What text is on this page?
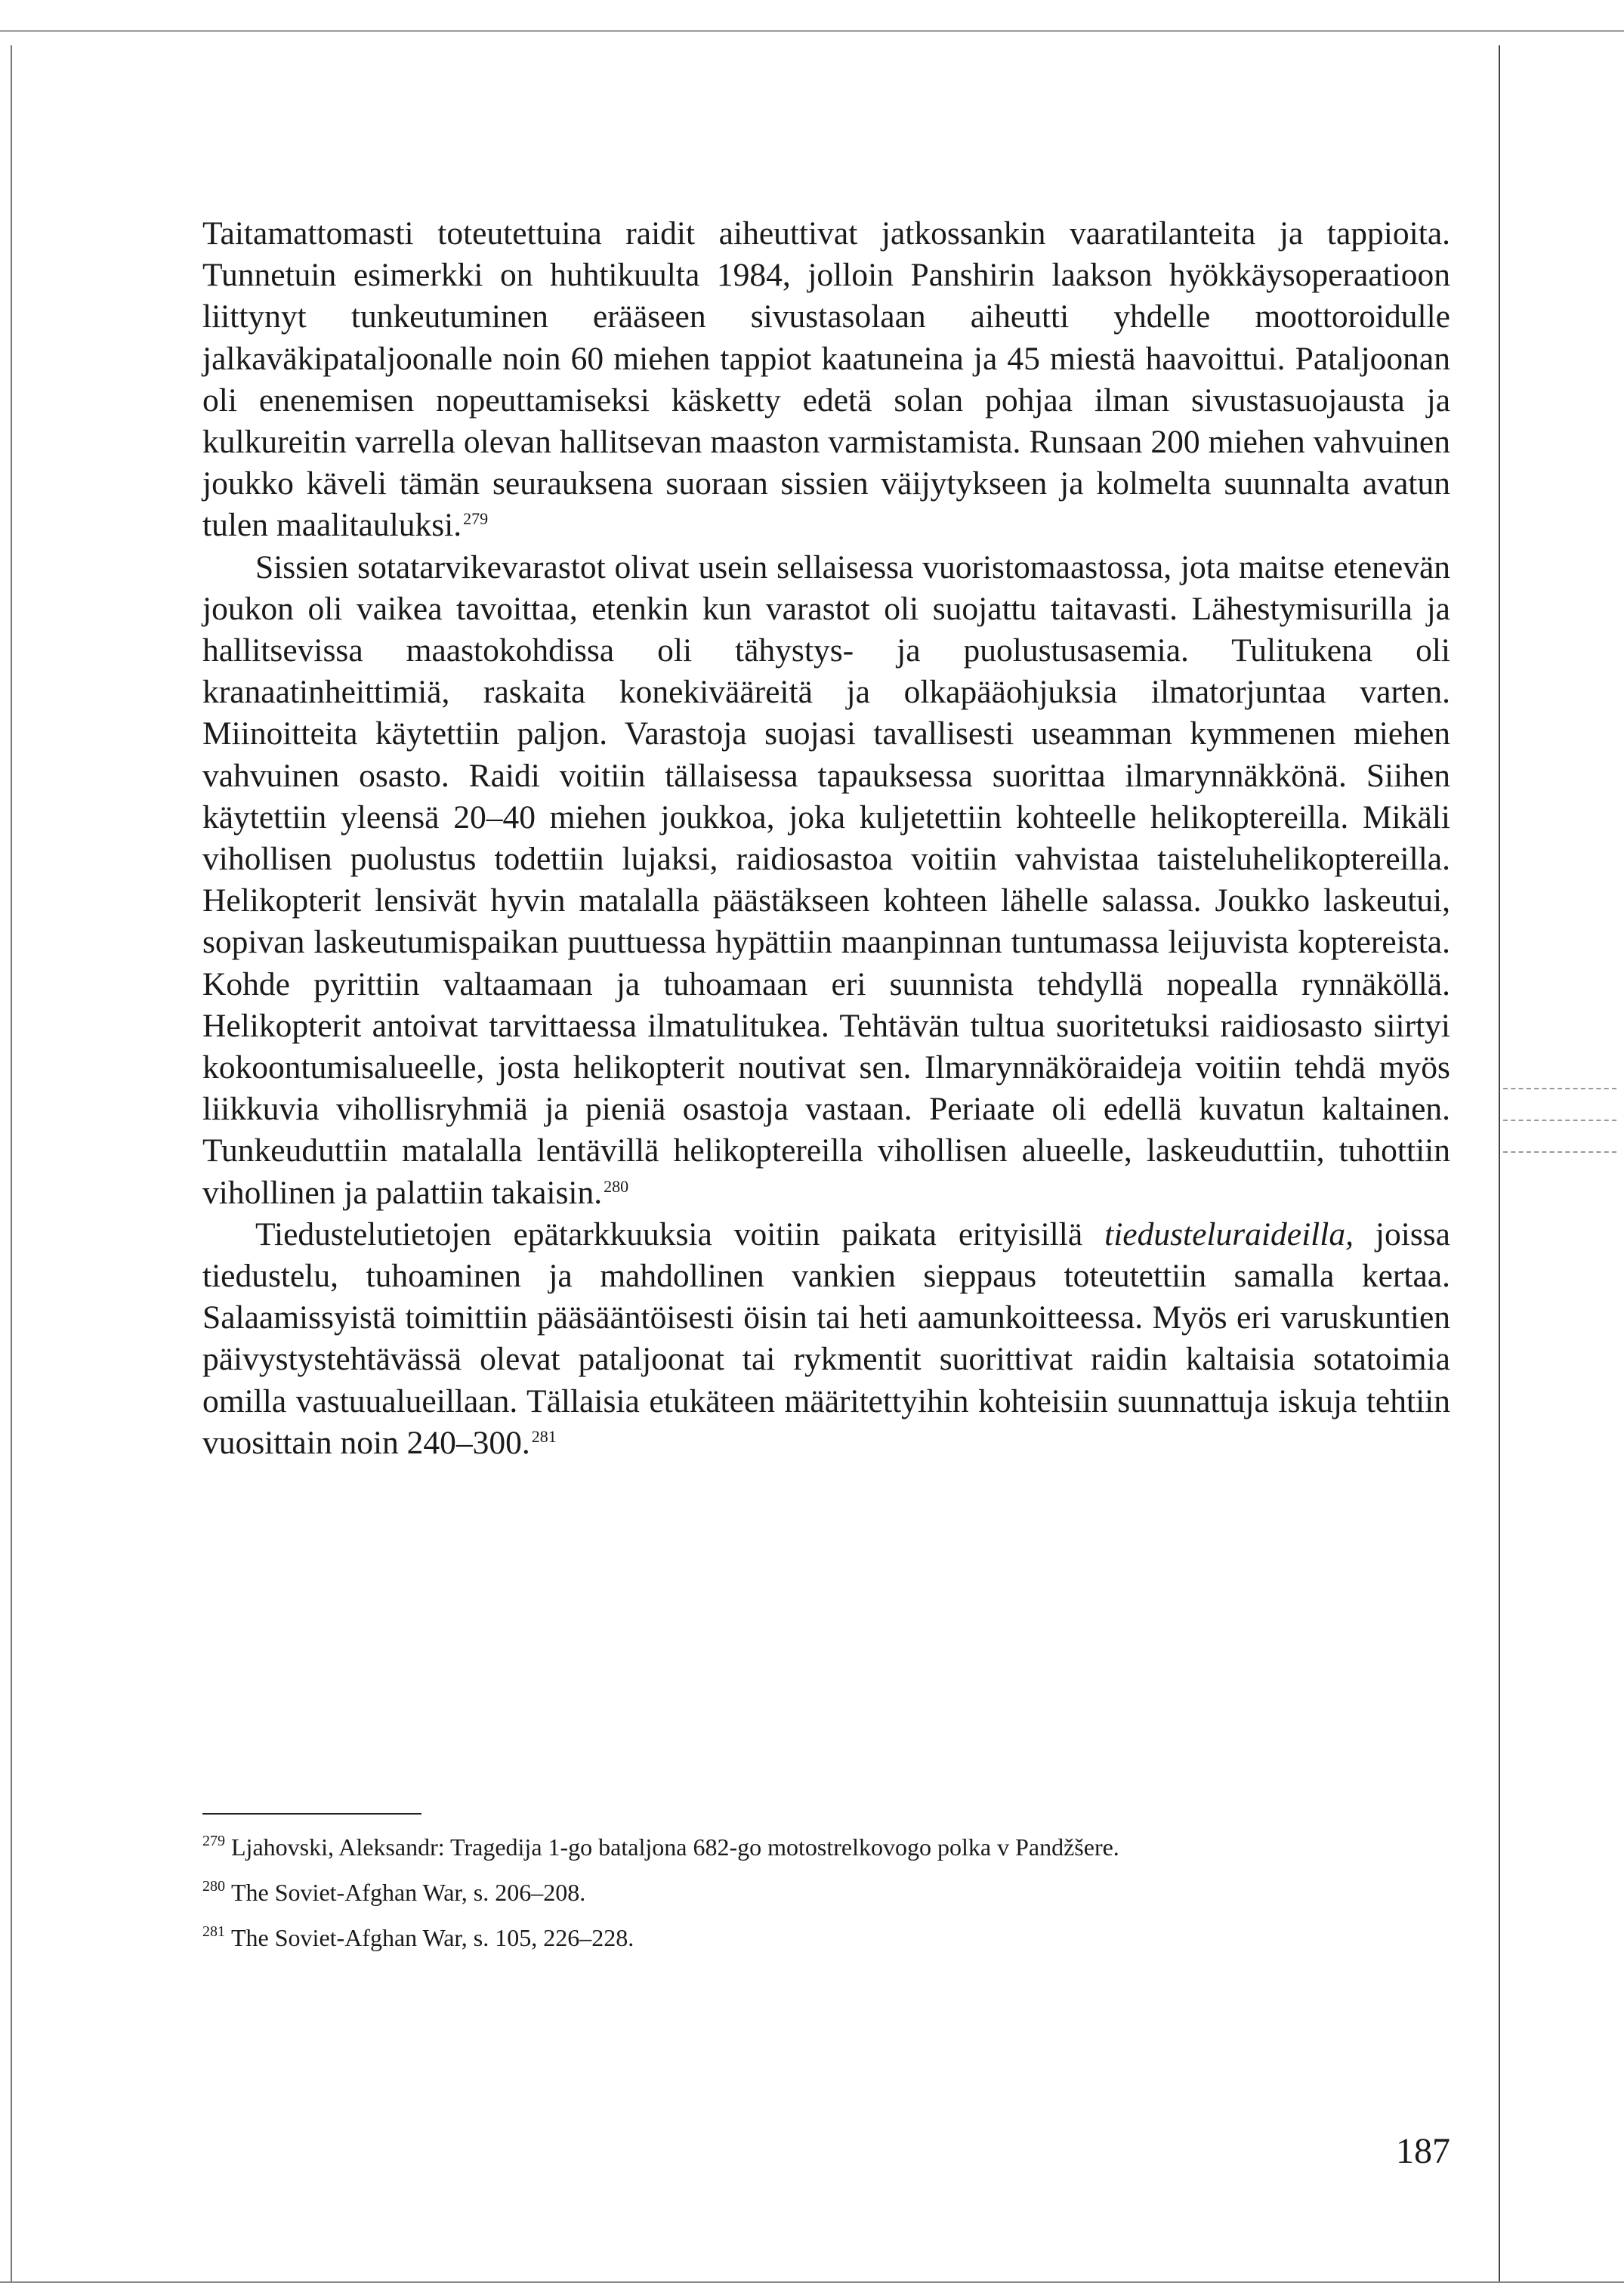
Taitamattomasti toteutettuina raidit aiheuttivat jatkossankin vaaratilanteita ja tappioita. Tunnetuin esimerkki on huhtikuulta 1984, jolloin Panshirin laakson hyökkäysoperaatioon liittynyt tunkeutuminen erääseen sivustasolaan aiheutti yhdelle moottoroidulle jalkaväkipataljoonalle noin 60 miehen tappiot kaatuneina ja 45 miestä haavoittui. Pataljoonan oli enenemisen nopeuttamiseksi käsketty edetä solan pohjaa ilman sivustasuojausta ja kulkureitin varrella olevan hallitsevan maaston varmistamista. Runsaan 200 miehen vahvuinen joukko käveli tämän seurauksena suoraan sissien väijytykseen ja kolmelta suunnalta avatun tulen maalitauluksi.$^{279}$

Sissien sotatarvikevarastot olivat usein sellaisessa vuoristomaastossa, jota maitse etenevän joukon oli vaikea tavoittaa, etenkin kun varastot oli suojattu taitavasti. Lähestymisurilla ja hallitsevissa maastokohdissa oli tähystys- ja puolustusasemia. Tulitukena oli kranaatinheittimiä, raskaita konekivääreitä ja olkapääohjuksia ilmatorjuntaa varten. Miinoitteita käytettiin paljon. Varastoja suojasi tavallisesti useamman kymmenen miehen vahvuinen osasto. Raidi voitiin tällaisessa tapauksessa suorittaa ilmarynnäkkönä. Siihen käytettiin yleensä 20–40 miehen joukkoa, joka kuljetettiin kohteelle helikoptereilla. Mikäli vihollisen puolustus todettiin lujaksi, raidiosastoa voitiin vahvistaa taisteluhelikoptereilla. Helikopterit lensivät hyvin matalalla päästäkseen kohteen lähelle salassa. Joukko laskeutui, sopivan laskeutumispaikan puuttuessa hypättiin maanpinnan tuntumassa leijuvista koptereista. Kohde pyrittiin valtaamaan ja tuhoamaan eri suunnista tehdyllä nopealla rynnäköllä. Helikopterit antoivat tarvittaessa ilmatulitukea. Tehtävän tultua suoritetuksi raidiosasto siirtyi kokoontumisalueelle, josta helikopterit noutivat sen. Ilmarynnäköraideja voitiin tehdä myös liikkuvia vihollisryhmiä ja pieniä osastoja vastaan. Periaate oli edellä kuvatun kaltainen. Tunkeuduttiin matalalla lentävillä helikoptereilla vihollisen alueelle, laskeuduttiin, tuhottiin vihollinen ja palattiin takaisin.$^{280}$

Tiedustelutietojen epätarkkuuksia voitiin paikata erityisillä tiedusteluraideilla, joissa tiedustelu, tuhoaminen ja mahdollinen vankien sieppaus toteutettiin samalla kertaa. Salaamissyistä toimittiin pääsääntöisesti öisin tai heti aamunkoitteessa. Myös eri varuskuntien päivystystehtävässä olevat pataljoonat tai rykmentit suorittivat raidin kaltaisia sotatoimia omilla vastuualueillaan. Tällaisia etukäteen määritettyihin kohteisiin suunnattuja iskuja tehtiin vuosittain noin 240–300.$^{281}$

$^{279}$ Ljahovski, Aleksandr: Tragedija 1-go bataljona 682-go motostrelkovogo polka v Pandžšere.

$^{280}$ The Soviet-Afghan War, s. 206–208.

$^{281}$ The Soviet-Afghan War, s. 105, 226–228.

187
